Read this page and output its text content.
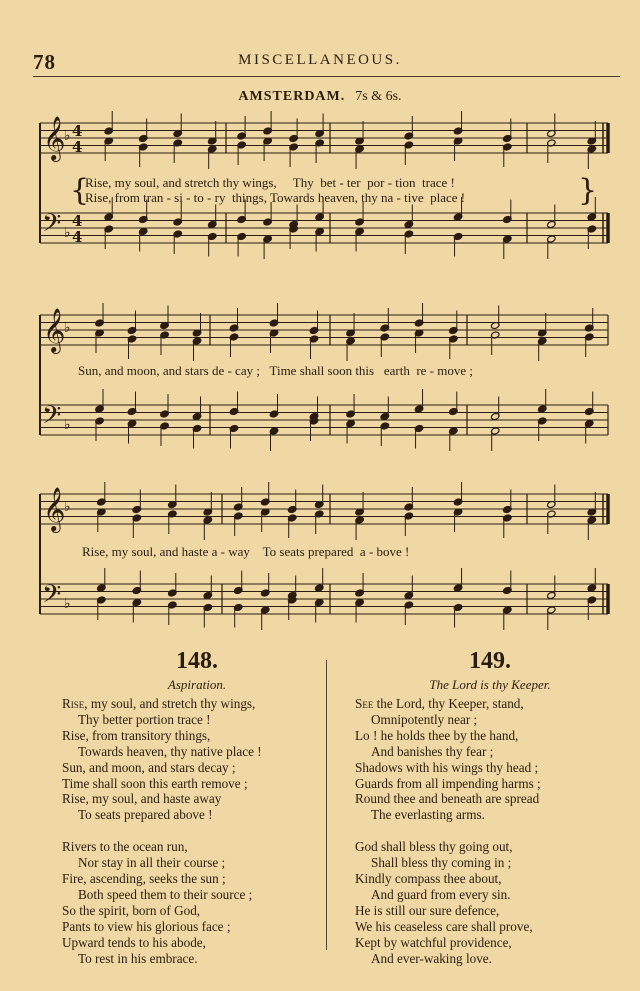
78	MISCELLANEOUS.
AMSTERDAM. 7s & 6s.
𝄞
𝄢
♭
♭
4
4
4
4
𝄞
𝄢
♭
♭
𝄞
𝄢
♭
♭
{	}
Rise, my soul, and stretch thy wings,     Thy  bet - ter  por - tion  trace !
Rise, from tran - si - to - ry  things, Towards heaven, thy na - tive  place !
Sun, and moon, and stars de - cay ;   Time shall soon this   earth  re - move ;
Rise, my soul, and haste a - way    To seats prepared  a - bove !
148.
Aspiration.
Rise, my soul, and stretch thy wings,
Thy better portion trace !
Rise, from transitory things,
Towards heaven, thy native place !
Sun, and moon, and stars decay ;
Time shall soon this earth remove ;
Rise, my soul, and haste away
To seats prepared above !
Rivers to the ocean run,
Nor stay in all their course ;
Fire, ascending, seeks the sun ;
Both speed them to their source ;
So the spirit, born of God,
Pants to view his glorious face ;
Upward tends to his abode,
To rest in his embrace.
149.
The Lord is thy Keeper.
See the Lord, thy Keeper, stand,
Omnipotently near ;
Lo ! he holds thee by the hand,
And banishes thy fear ;
Shadows with his wings thy head ;
Guards from all impending harms ;
Round thee and beneath are spread
The everlasting arms.
God shall bless thy going out,
Shall bless thy coming in ;
Kindly compass thee about,
And guard from every sin.
He is still our sure defence,
We his ceaseless care shall prove,
Kept by watchful providence,
And ever-waking love.
